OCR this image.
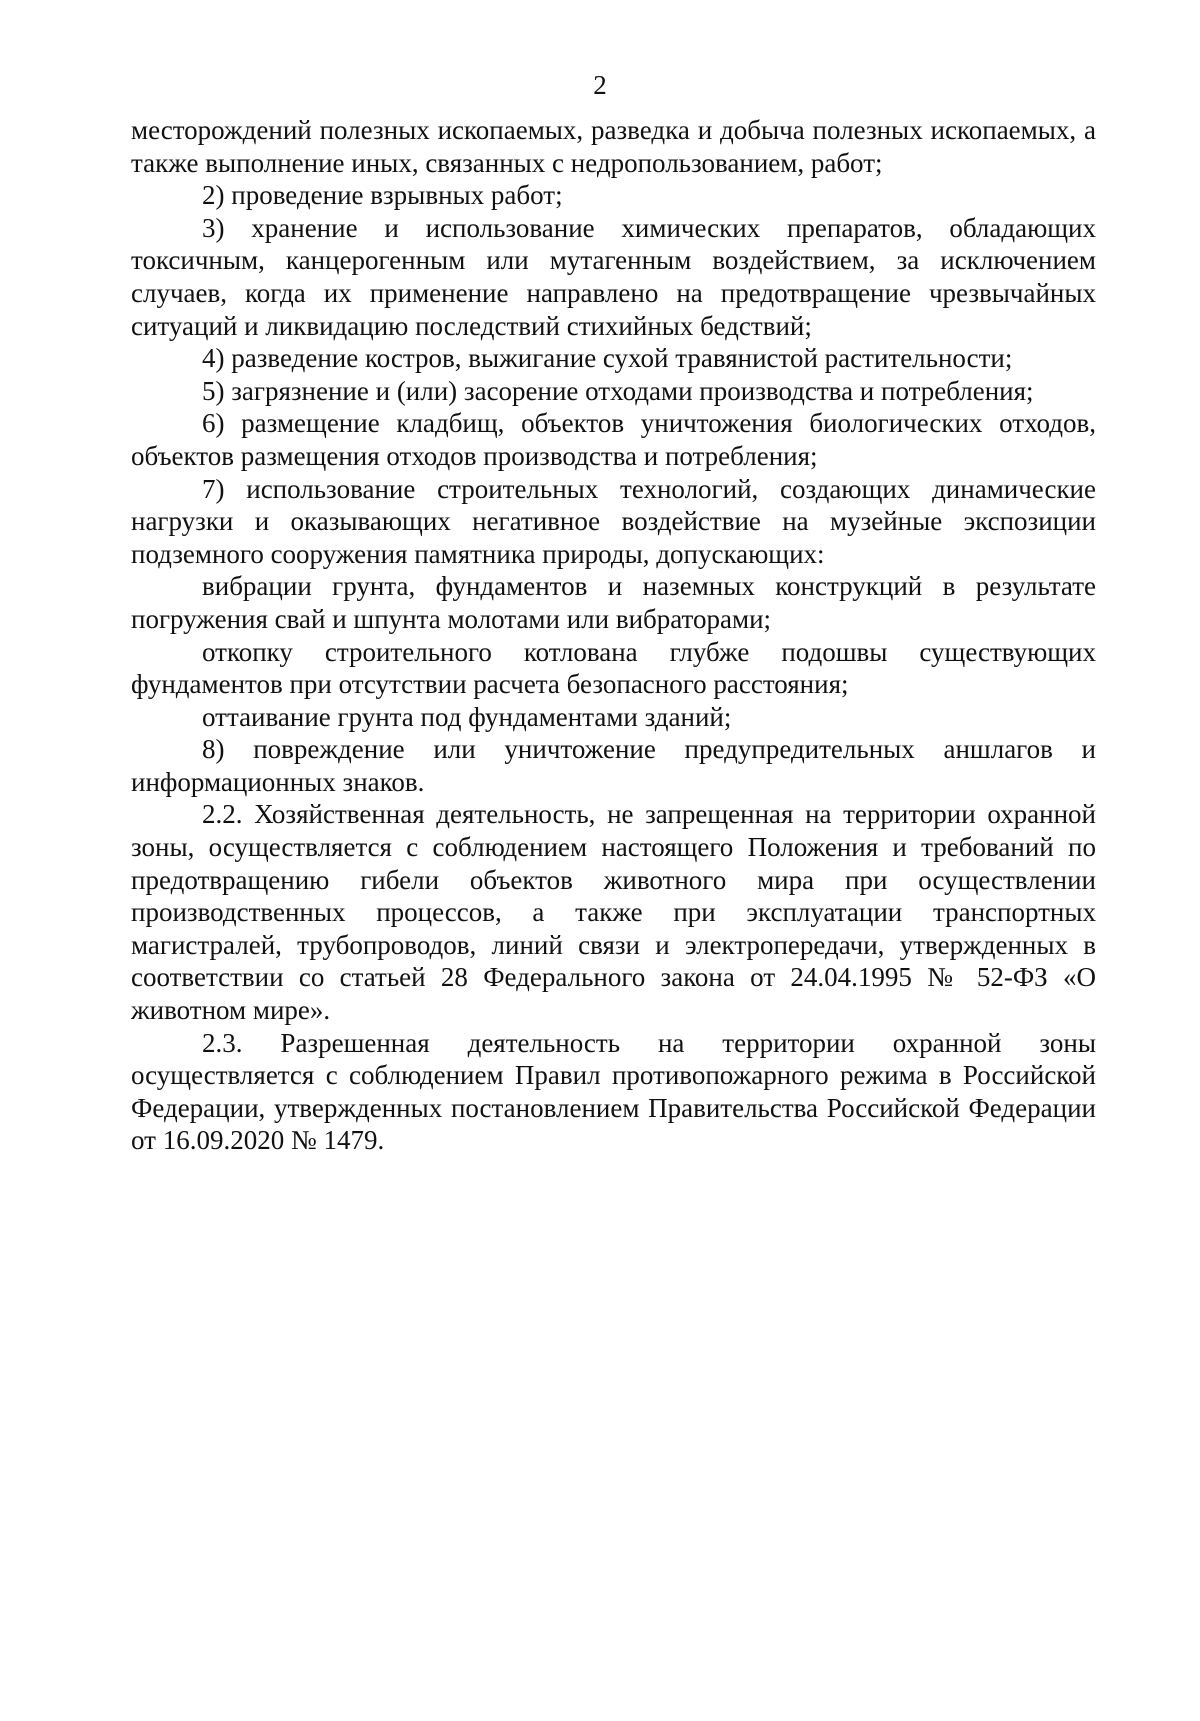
2

месторождений полезных ископаемых, разведка и добыча полезных ископаемых, а также выполнение иных, связанных с недропользованием, работ;

2) проведение взрывных работ;

3) хранение и использование химических препаратов, обладающих токсичным, канцерогенным или мутагенным воздействием, за исключением случаев, когда их применение направлено на предотвращение чрезвычайных ситуаций и ликвидацию последствий стихийных бедствий;

4) разведение костров, выжигание сухой травянистой растительности;

5) загрязнение и (или) засорение отходами производства и потребления;

6) размещение кладбищ, объектов уничтожения биологических отходов, объектов размещения отходов производства и потребления;

7) использование строительных технологий, создающих динамические нагрузки и оказывающих негативное воздействие на музейные экспозиции подземного сооружения памятника природы, допускающих:

вибрации грунта, фундаментов и наземных конструкций в результате погружения свай и шпунта молотами или вибраторами;

откопку строительного котлована глубже подошвы существующих фундаментов при отсутствии расчета безопасного расстояния;

оттаивание грунта под фундаментами зданий;

8) повреждение или уничтожение предупредительных аншлагов и информационных знаков.

2.2. Хозяйственная деятельность, не запрещенная на территории охранной зоны, осуществляется с соблюдением настоящего Положения и требований по предотвращению гибели объектов животного мира при осуществлении производственных процессов, а также при эксплуатации транспортных магистралей, трубопроводов, линий связи и электропередачи, утвержденных в соответствии со статьей 28 Федерального закона от 24.04.1995 № 52-ФЗ «О животном мире».

2.3. Разрешенная деятельность на территории охранной зоны осуществляется с соблюдением Правил противопожарного режима в Российской Федерации, утвержденных постановлением Правительства Российской Федерации от 16.09.2020 № 1479.
